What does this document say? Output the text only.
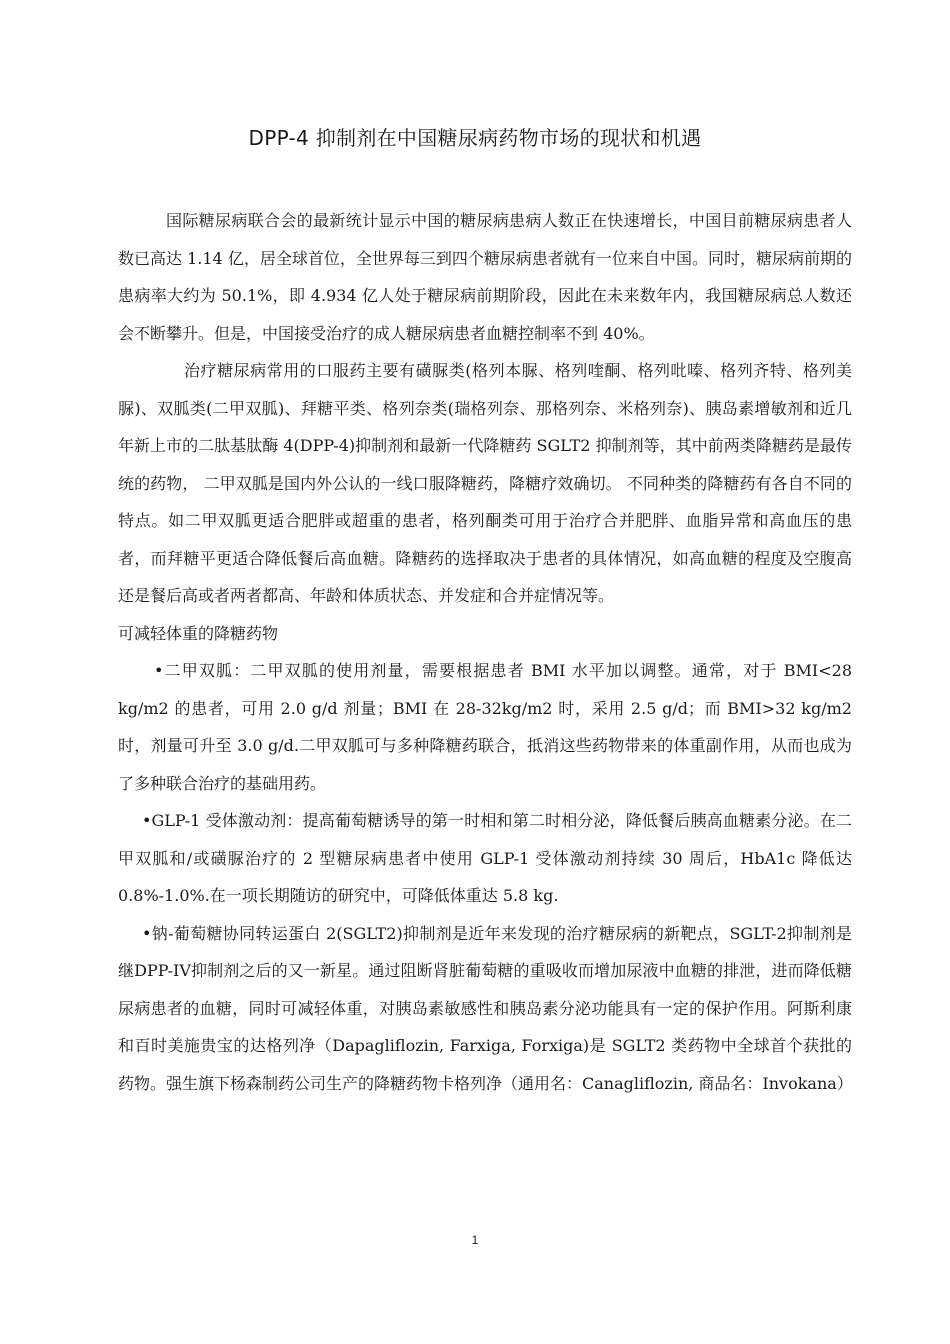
DPP-4 抑制剂在中国糖尿病药物市场的现状和机遇

国际糖尿病联合会的最新统计显示中国的糖尿病患病人数正在快速增长，中国目前糖尿病患者人数已高达 1.14 亿，居全球首位，全世界每三到四个糖尿病患者就有一位来自中国。同时，糖尿病前期的患病率大约为 50.1%，即 4.934 亿人处于糖尿病前期阶段，因此在未来数年内，我国糖尿病总人数还会不断攀升。但是，中国接受治疗的成人糖尿病患者血糖控制率不到 40%。

治疗糖尿病常用的口服药主要有磺脲类(格列本脲、格列喹酮、格列吡嗪、格列齐特、格列美脲)、双胍类(二甲双胍)、拜糖平类、格列奈类(瑞格列奈、那格列奈、米格列奈)、胰岛素增敏剂和近几年新上市的二肽基肽酶 4(DPP-4)抑制剂和最新一代降糖药 SGLT2 抑制剂等，其中前两类降糖药是最传统的药物， 二甲双胍是国内外公认的一线口服降糖药，降糖疗效确切。 不同种类的降糖药有各自不同的特点。如二甲双胍更适合肥胖或超重的患者，格列酮类可用于治疗合并肥胖、血脂异常和高血压的患者，而拜糖平更适合降低餐后高血糖。降糖药的选择取决于患者的具体情况，如高血糖的程度及空腹高还是餐后高或者两者都高、年龄和体质状态、并发症和合并症情况等。

可减轻体重的降糖药物

•二甲双胍：二甲双胍的使用剂量，需要根据患者 BMI 水平加以调整。通常，对于 BMI<28 kg/m2 的患者，可用 2.0 g/d 剂量；BMI 在 28-32kg/m2 时，采用 2.5 g/d；而 BMI>32 kg/m2 时，剂量可升至 3.0 g/d.二甲双胍可与多种降糖药联合，抵消这些药物带来的体重副作用，从而也成为了多种联合治疗的基础用药。

•GLP-1 受体激动剂：提高葡萄糖诱导的第一时相和第二时相分泌，降低餐后胰高血糖素分泌。在二甲双胍和/或磺脲治疗的 2 型糖尿病患者中使用 GLP-1 受体激动剂持续 30 周后，HbA1c 降低达 0.8%-1.0%.在一项长期随访的研究中，可降低体重达 5.8 kg.

•钠-葡萄糖协同转运蛋白 2(SGLT2)抑制剂是近年来发现的治疗糖尿病的新靶点，SGLT-2抑制剂是继DPP-IV抑制剂之后的又一新星。通过阻断肾脏葡萄糖的重吸收而增加尿液中血糖的排泄，进而降低糖尿病患者的血糖，同时可减轻体重，对胰岛素敏感性和胰岛素分泌功能具有一定的保护作用。阿斯利康和百时美施贵宝的达格列净（Dapagliflozin, Farxiga, Forxiga)是 SGLT2 类药物中全球首个获批的药物。强生旗下杨森制药公司生产的降糖药物卡格列净（通用名：Canagliflozin, 商品名：Invokana）

1
